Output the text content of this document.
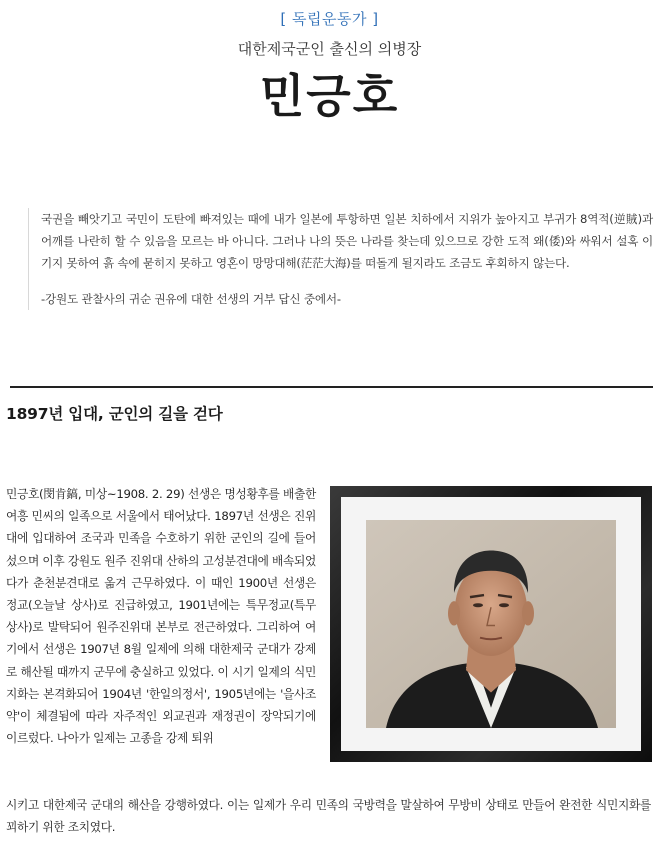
[ 독립운동가 ]
대한제국군인 출신의 의병장
민긍호

국권을 빼앗기고 국민이 도탄에 빠져있는 때에 내가 일본에 투항하면 일본 치하에서 지위가 높아지고 부귀가 8역적(逆賊)과 어깨를 나란히 할 수 있음을 모르는 바 아니다. 그러나 나의 뜻은 나라를 찾는데 있으므로 강한 도적 왜(倭)와 싸워서 설혹 이기지 못하여 흙 속에 묻히지 못하고 영혼이 망망대해(茫茫大海)를 떠돌게 될지라도 조금도 후회하지 않는다.

-강원도 관찰사의 귀순 권유에 대한 선생의 거부 답신 중에서-

1897년 입대, 군인의 길을 걷다

민긍호(閔肯鎬, 미상~1908. 2. 29) 선생은 명성황후를 배출한 여흥 민씨의 일족으로 서울에서 태어났다. 1897년 선생은 진위대에 입대하여 조국과 민족을 수호하기 위한 군인의 길에 들어섰으며 이후 강원도 원주 진위대 산하의 고성분견대에 배속되었다가 춘천분견대로 옮겨 근무하였다. 이 때인 1900년 선생은 정교(오늘날 상사)로 진급하였고, 1901년에는 특무정교(특무상사)로 발탁되어 원주진위대 본부로 전근하였다. 그리하여 여기에서 선생은 1907년 8월 일제에 의해 대한제국 군대가 강제로 해산될 때까지 군무에 충실하고 있었다. 이 시기 일제의 식민지화는 본격화되어 1904년 '한일의정서', 1905년에는 '을사조약'이 체결됨에 따라 자주적인 외교권과 재정권이 장악되기에 이르렀다. 나아가 일제는 고종을 강제 퇴위

시키고 대한제국 군대의 해산을 강행하였다. 이는 일제가 우리 민족의 국방력을 말살하여 무방비 상태로 만들어 완전한 식민지화를 꾀하기 위한 조치였다.
